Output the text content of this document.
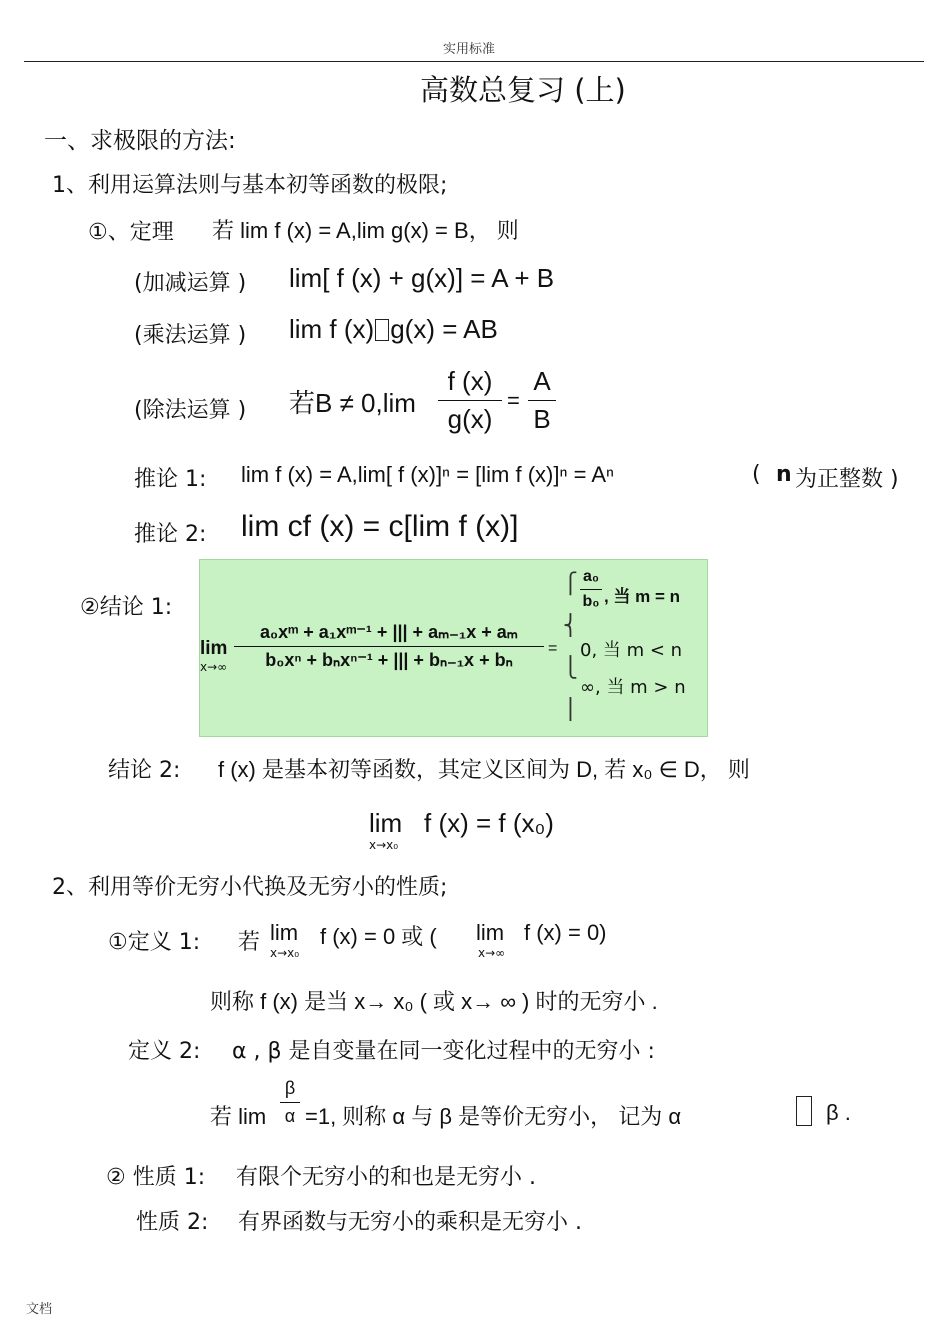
实用标准
高数总复习 (上)
一、求极限的方法:
1、利用运算法则与基本初等函数的极限;
①、定理 若 lim f (x) = A,lim g(x) = B， 则
(加减运算 ) lim[ f (x) + g(x)] = A + B
(乘法运算 ) lim f (x) g(x) = AB
(除法运算 ) 若B ≠ 0,lim
f (x)
g(x)
=
A
B
推论 1: lim f (x) = A,lim[ f (x)]ⁿ = [lim f (x)]ⁿ = Aⁿ	( n 为正整数 )
推论 2: lim cf (x) = c[lim f (x)]
②结论 1:
lim
x→∞
a₀xᵐ + a₁xᵐ⁻¹ + ||| + aₘ₋₁x + aₘ
b₀xⁿ + bₙxⁿ⁻¹ + ||| + bₙ₋₁x + bₙ
=
⎧
⎨
⎩
⎪
a₀
b₀ , 当 m = n
0, 当 m < n
∞, 当 m > n
结论 2: f (x) 是基本初等函数，其定义区间为 D, 若 x₀ ∈ D， 则
lim
x→x₀
f (x) = f (x₀)
2、利用等价无穷小代换及无穷小的性质;
①定义 1: 若 lim
x→x₀
f (x) = 0 或 ( lim
x→∞
f (x) = 0)
则称 f (x) 是当 x→ x₀ ( 或 x→ ∞ ) 时的无穷小 .
定义 2: α , β 是自变量在同一变化过程中的无穷小 :
若 lim
β
α =1, 则称 α 与 β 是等价无穷小， 记为 α	β .
② 性质 1: 有限个无穷小的和也是无穷小 .
性质 2: 有界函数与无穷小的乘积是无穷小 .
文档
